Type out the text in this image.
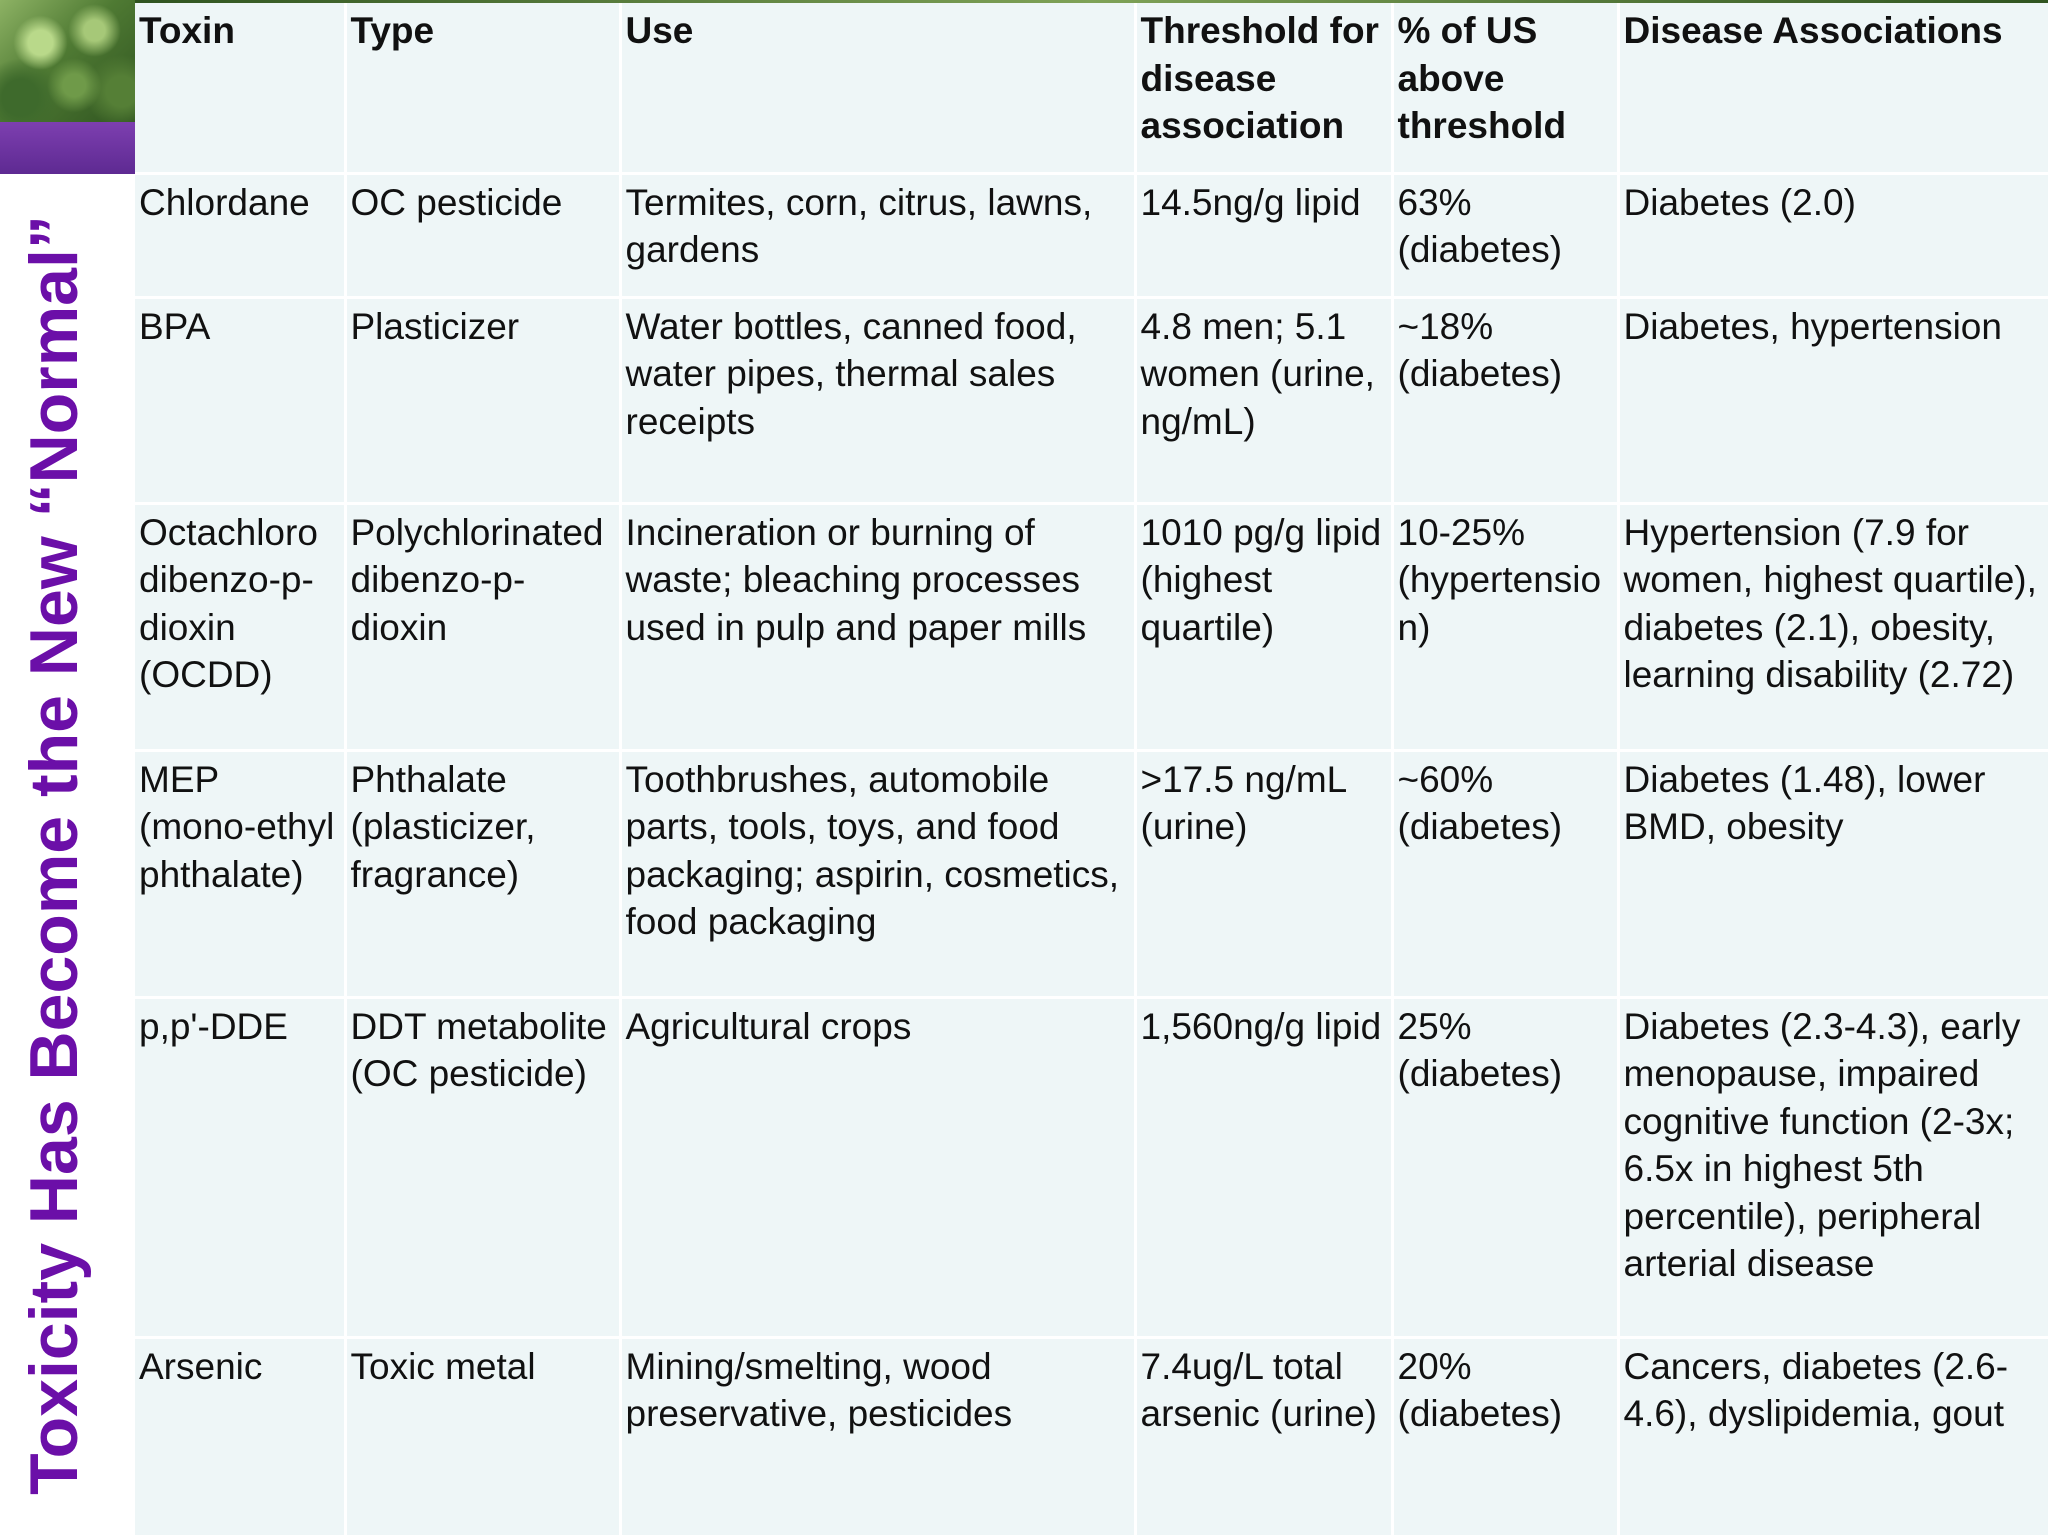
Toxicity Has Become the New “Normal”
Toxin	Type	Use	Threshold for disease association	% of US above threshold	Disease Associations
Chlordane	OC pesticide	Termites, corn, citrus, lawns, gardens	14.5ng/g lipid	63% (diabetes)	Diabetes (2.0)
BPA	Plasticizer	Water bottles, canned food, water pipes, thermal sales receipts	4.8 men; 5.1 women (urine, ng/mL)	~18% (diabetes)	Diabetes, hypertension
Octachloro dibenzo-p-dioxin (OCDD)	Polychlorinated dibenzo-p-dioxin	Incineration or burning of waste; bleaching processes used in pulp and paper mills	1010 pg/g lipid (highest quartile)	10-25% (hypertension)	Hypertension (7.9 for women, highest quartile), diabetes (2.1), obesity, learning disability (2.72)
MEP (mono-ethyl phthalate)	Phthalate (plasticizer, fragrance)	Toothbrushes, automobile parts, tools, toys, and food packaging; aspirin, cosmetics, food packaging	>17.5 ng/mL (urine)	~60% (diabetes)	Diabetes (1.48), lower BMD, obesity
p,p'-DDE	DDT metabolite (OC pesticide)	Agricultural crops	1,560ng/g lipid	25% (diabetes)	Diabetes (2.3-4.3), early menopause, impaired cognitive function (2-3x; 6.5x in highest 5th percentile), peripheral arterial disease
Arsenic	Toxic metal	Mining/smelting, wood preservative, pesticides	7.4ug/L total arsenic (urine)	20% (diabetes)	Cancers, diabetes (2.6-4.6), dyslipidemia, gout
